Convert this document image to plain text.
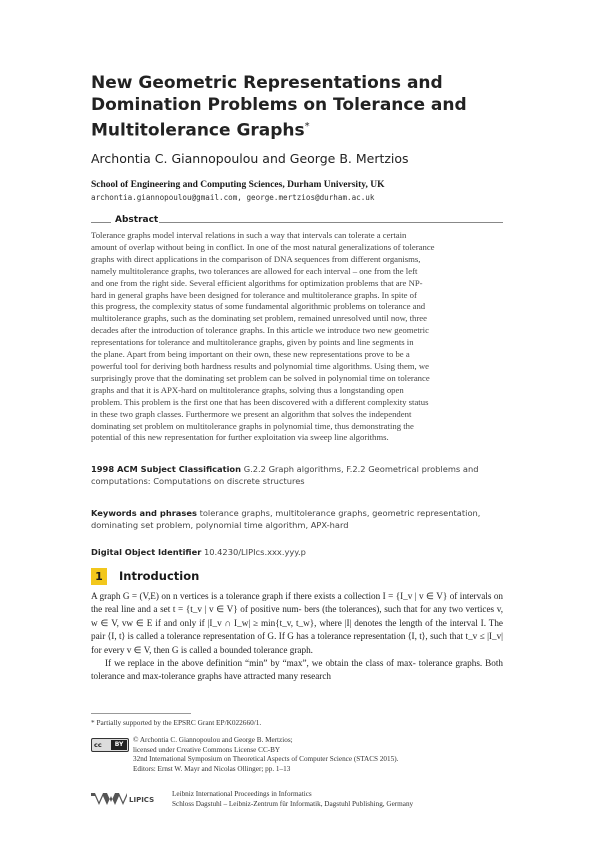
New Geometric Representations and Domination Problems on Tolerance and Multitolerance Graphs*
Archontia C. Giannopoulou and George B. Mertzios
School of Engineering and Computing Sciences, Durham University, UK
archontia.giannopoulou@gmail.com, george.mertzios@durham.ac.uk
Abstract
Tolerance graphs model interval relations in such a way that intervals can tolerate a certain
amount of overlap without being in conflict. In one of the most natural generalizations of tolerance
graphs with direct applications in the comparison of DNA sequences from different organisms,
namely multitolerance graphs, two tolerances are allowed for each interval – one from the left
and one from the right side. Several efficient algorithms for optimization problems that are NP-
hard in general graphs have been designed for tolerance and multitolerance graphs. In spite of
this progress, the complexity status of some fundamental algorithmic problems on tolerance and
multitolerance graphs, such as the dominating set problem, remained unresolved until now, three
decades after the introduction of tolerance graphs. In this article we introduce two new geometric
representations for tolerance and multitolerance graphs, given by points and line segments in
the plane. Apart from being important on their own, these new representations prove to be a
powerful tool for deriving both hardness results and polynomial time algorithms. Using them, we
surprisingly prove that the dominating set problem can be solved in polynomial time on tolerance
graphs and that it is APX-hard on multitolerance graphs, solving thus a longstanding open
problem. This problem is the first one that has been discovered with a different complexity status
in these two graph classes. Furthermore we present an algorithm that solves the independent
dominating set problem on multitolerance graphs in polynomial time, thus demonstrating the
potential of this new representation for further exploitation via sweep line algorithms.
1998 ACM Subject Classification G.2.2 Graph algorithms, F.2.2 Geometrical problems and computations: Computations on discrete structures
Keywords and phrases tolerance graphs, multitolerance graphs, geometric representation, dominating set problem, polynomial time algorithm, APX-hard
Digital Object Identifier 10.4230/LIPIcs.xxx.yyy.p
1	Introduction

A graph G = (V,E) on n vertices is a tolerance graph if there exists a collection I = {I_v | v ∈ V} of intervals on the real line and a set t = {t_v | v ∈ V} of positive num- bers (the tolerances), such that for any two vertices v, w ∈ V, vw ∈ E if and only if |I_v ∩ I_w| ≥ min{t_v, t_w}, where |I| denotes the length of the interval I. The pair ⟨I, t⟩ is called a tolerance representation of G. If G has a tolerance representation ⟨I, t⟩, such that t_v ≤ |I_v| for every v ∈ V, then G is called a bounded tolerance graph.

If we replace in the above definition “min” by “max”, we obtain the class of max- tolerance graphs. Both tolerance and max-tolerance graphs have attracted many research

* Partially supported by the EPSRC Grant EP/K022660/1.
cc	BY
© Archontia C. Giannopoulou and George B. Mertzios;
licensed under Creative Commons License CC-BY
32nd International Symposium on Theoretical Aspects of Computer Science (STACS 2015).
Editors: Ernst W. Mayr and Nicolas Ollinger; pp. 1–13
LIPICS
Leibniz International Proceedings in Informatics
Schloss Dagstuhl – Leibniz-Zentrum für Informatik, Dagstuhl Publishing, Germany
